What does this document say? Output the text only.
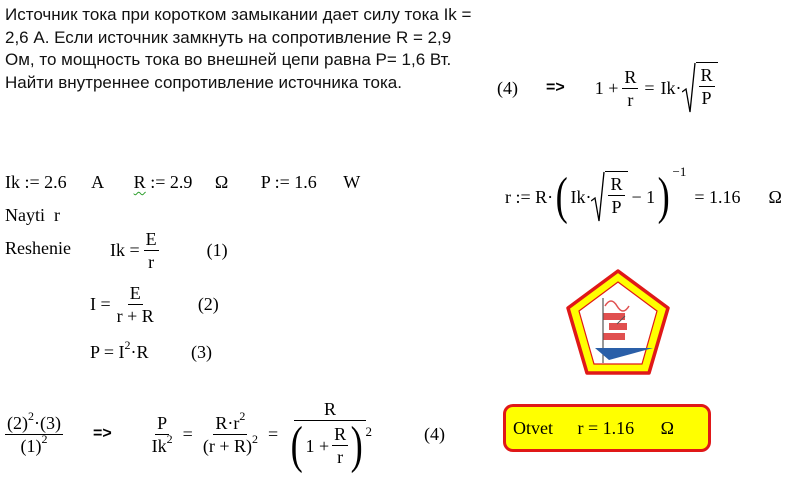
Источник тока при коротком замыкании дает силу тока Ik = 2,6 А. Если источник замкнуть на сопротивление R = 2,9 Ом, то мощность тока во внешней цепи равна P= 1,6 Вт. Найти внутреннее сопротивление источника тока.	$(4) => 1 + \frac{R}{r} = Ik\cdot \frac{R}{P}$
Ik := 2.6 A R := 2.9 Ω P := 1.6 W
r := R· ( $Ik\cdot \frac{R}{P} - 1$ ) −1
= 1.16 Ω
Nayti  r
Reshenie $Ik = \frac{E}{r}$	(1)
$I = \frac{E}{r + R} (2)$
$P = I^2\cdot R$ (3)
$\frac{(2)^2\cdot(3)}{(1)^2} => \frac{P}{Ik^2} = \frac{R\cdot r^2}{(r + R)^2}$ =
R
( $1 + \frac{R}{r}$ ) 2	(4)	Otvet r = 1.16 Ω
